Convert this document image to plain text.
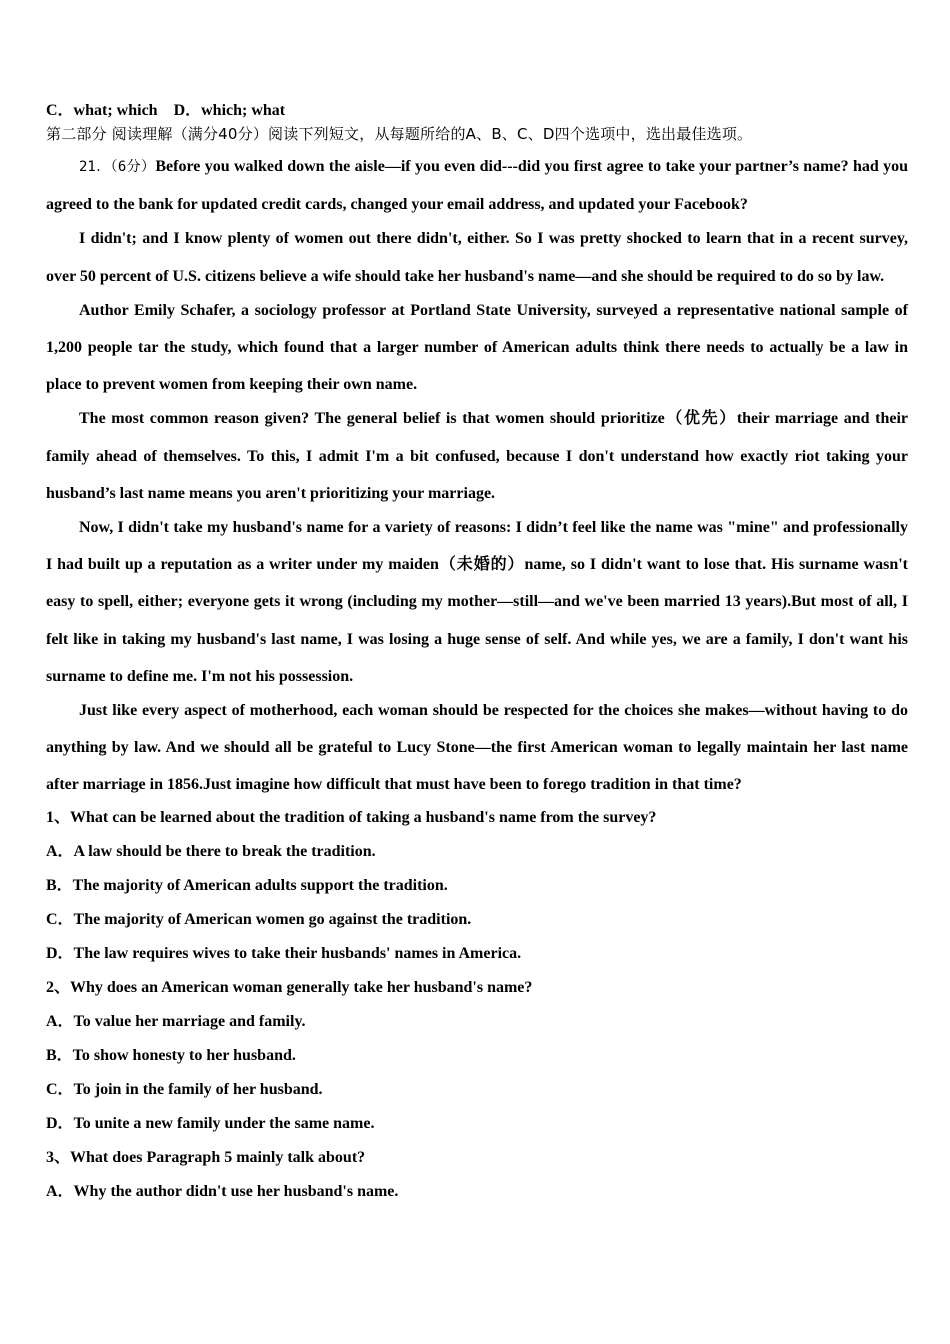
C．what; which　D．which; what
第二部分 阅读理解（满分40分）阅读下列短文，从每题所给的A、B、C、D四个选项中，选出最佳选项。
21．（6分）Before you walked down the aisle—if you even did---did you first agree to take your partner’s name? had you agreed to the bank for updated credit cards, changed your email address, and updated your Facebook?
I didn't; and I know plenty of women out there didn't, either. So I was pretty shocked to learn that in a recent survey, over 50 percent of U.S. citizens believe a wife should take her husband's name—and she should be required to do so by law.
Author Emily Schafer, a sociology professor at Portland State University, surveyed a representative national sample of 1,200 people tar the study, which found that a larger number of American adults think there needs to actually be a law in place to prevent women from keeping their own name.
The most common reason given? The general belief is that women should prioritize（优先）their marriage and their family ahead of themselves. To this, I admit I'm a bit confused, because I don't understand how exactly riot taking your husband’s last name means you aren't prioritizing your marriage.
Now, I didn't take my husband's name for a variety of reasons: I didn’t feel like the name was "mine" and professionally I had built up a reputation as a writer under my maiden（未婚的）name, so I didn't want to lose that. His surname wasn't easy to spell, either; everyone gets it wrong (including my mother—still—and we've been married 13 years).But most of all, I felt like in taking my husband's last name, I was losing a huge sense of self. And while yes, we are a family, I don't want his surname to define me. I'm not his possession.
Just like every aspect of motherhood, each woman should be respected for the choices she makes—without having to do anything by law. And we should all be grateful to Lucy Stone—the first American woman to legally maintain her last name after marriage in 1856.Just imagine how difficult that must have been to forego tradition in that time?
1、What can be learned about the tradition of taking a husband's name from the survey?
A．A law should be there to break the tradition.
B．The majority of American adults support the tradition.
C．The majority of American women go against the tradition.
D．The law requires wives to take their husbands' names in America.
2、Why does an American woman generally take her husband's name?
A．To value her marriage and family.
B．To show honesty to her husband.
C．To join in the family of her husband.
D．To unite a new family under the same name.
3、What does Paragraph 5 mainly talk about?
A．Why the author didn't use her husband's name.
